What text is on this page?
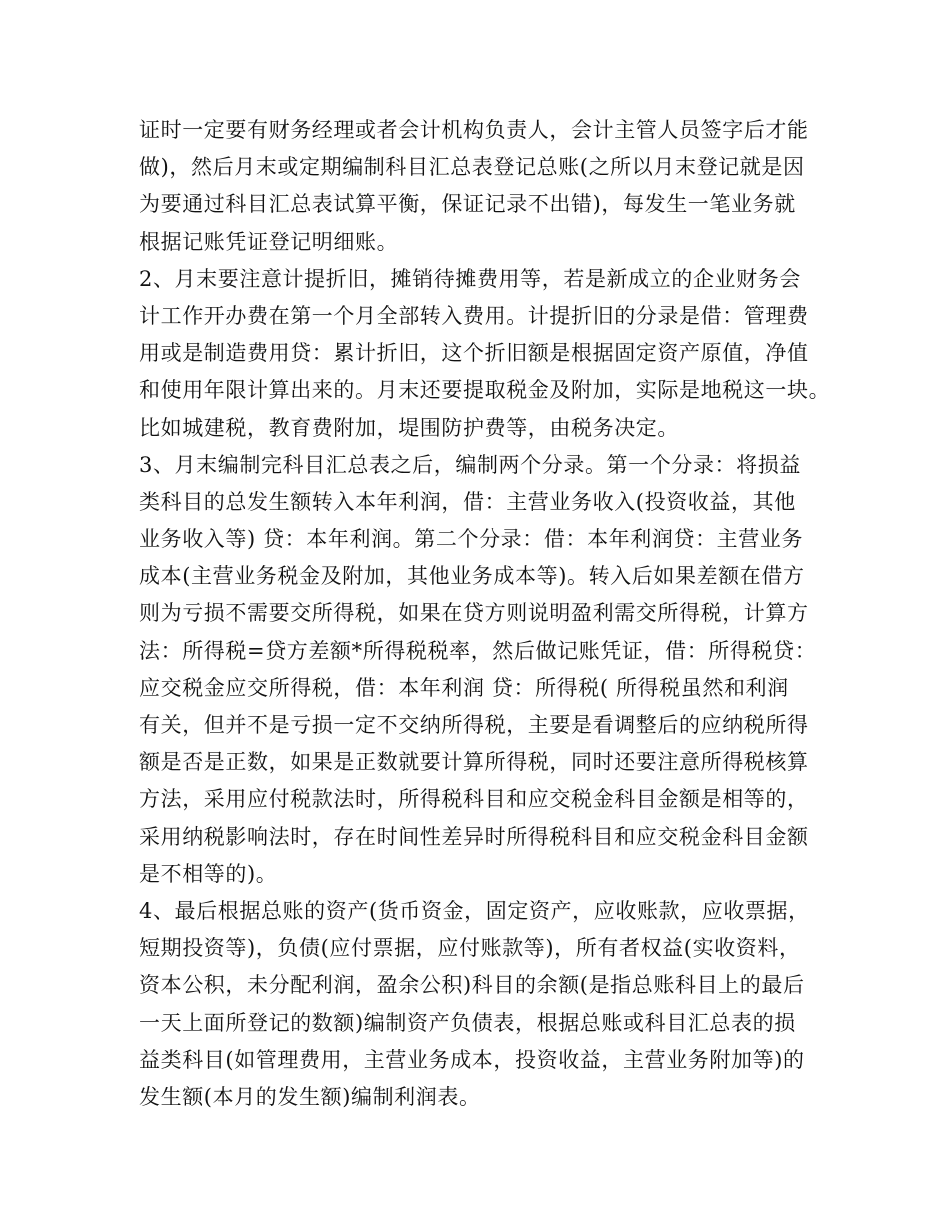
证时一定要有财务经理或者会计机构负责人，会计主管人员签字后才能
做)，然后月末或定期编制科目汇总表登记总账(之所以月末登记就是因
为要通过科目汇总表试算平衡，保证记录不出错)，每发生一笔业务就
根据记账凭证登记明细账。
2、月末要注意计提折旧，摊销待摊费用等，若是新成立的企业财务会
计工作开办费在第一个月全部转入费用。计提折旧的分录是借：管理费
用或是制造费用贷：累计折旧，这个折旧额是根据固定资产原值，净值
和使用年限计算出来的。月末还要提取税金及附加，实际是地税这一块。
比如城建税，教育费附加，堤围防护费等，由税务决定。
3、月末编制完科目汇总表之后，编制两个分录。第一个分录：将损益
类科目的总发生额转入本年利润，借：主营业务收入(投资收益，其他
业务收入等) 贷：本年利润。第二个分录：借：本年利润贷：主营业务
成本(主营业务税金及附加，其他业务成本等)。转入后如果差额在借方
则为亏损不需要交所得税，如果在贷方则说明盈利需交所得税，计算方
法：所得税=贷方差额*所得税税率，然后做记账凭证，借：所得税贷：
应交税金应交所得税，借：本年利润 贷：所得税( 所得税虽然和利润
有关，但并不是亏损一定不交纳所得税，主要是看调整后的应纳税所得
额是否是正数，如果是正数就要计算所得税，同时还要注意所得税核算
方法，采用应付税款法时，所得税科目和应交税金科目金额是相等的，
采用纳税影响法时，存在时间性差异时所得税科目和应交税金科目金额
是不相等的)。
4、最后根据总账的资产(货币资金，固定资产，应收账款，应收票据，
短期投资等)，负债(应付票据，应付账款等)，所有者权益(实收资料，
资本公积，未分配利润，盈余公积)科目的余额(是指总账科目上的最后
一天上面所登记的数额)编制资产负债表，根据总账或科目汇总表的损
益类科目(如管理费用，主营业务成本，投资收益，主营业务附加等)的
发生额(本月的发生额)编制利润表。
